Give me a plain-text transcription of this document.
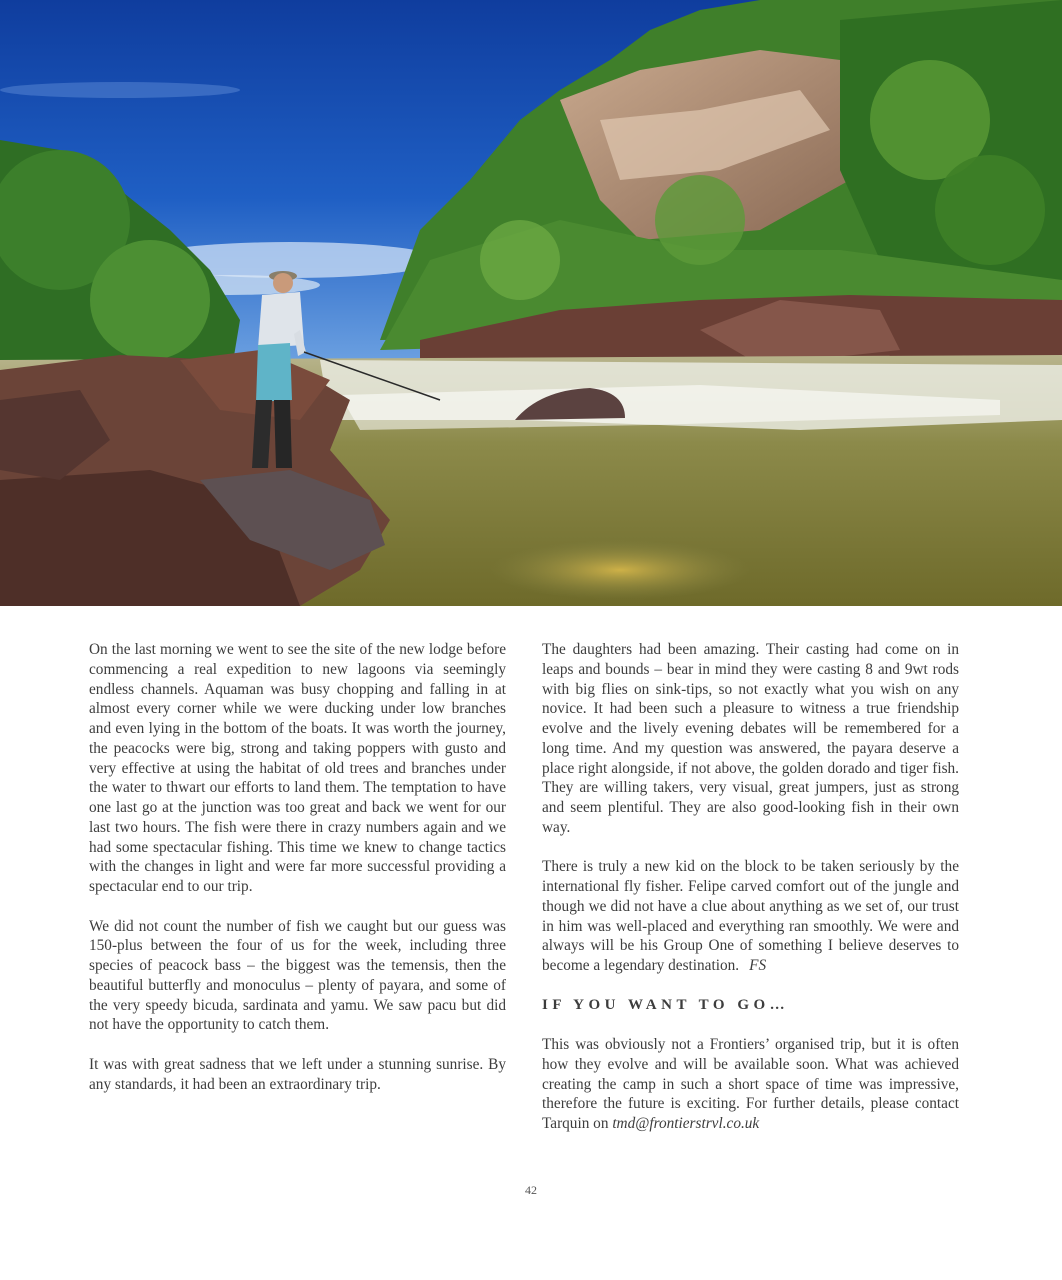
On the last morning we went to see the site of the new lodge before commencing a real expedition to new lagoons via seemingly endless channels. Aquaman was busy chopping and falling in at almost every corner while we were ducking under low branches and even lying in the bottom of the boats. It was worth the journey, the peacocks were big, strong and taking poppers with gusto and very effective at using the habitat of old trees and branches under the water to thwart our efforts to land them. The temptation to have one last go at the junction was too great and back we went for our last two hours. The fish were there in crazy numbers again and we had some spectacular fishing. This time we knew to change tactics with the changes in light and were far more successful providing a spectacular end to our trip.

We did not count the number of fish we caught but our guess was 150-plus between the four of us for the week, including three species of peacock bass – the biggest was the temensis, then the beautiful butterfly and monoculus – plenty of payara, and some of the very speedy bicuda, sardinata and yamu. We saw pacu but did not have the opportunity to catch them.

It was with great sadness that we left under a stunning sunrise. By any standards, it had been an extraordinary trip.

The daughters had been amazing. Their casting had come on in leaps and bounds – bear in mind they were casting 8 and 9wt rods with big flies on sink-tips, so not exactly what you wish on any novice. It had been such a pleasure to witness a true friendship evolve and the lively evening debates will be remembered for a long time. And my question was answered, the payara deserve a place right alongside, if not above, the golden dorado and tiger fish. They are willing takers, very visual, great jumpers, just as strong and seem plentiful. They are also good-looking fish in their own way.

There is truly a new kid on the block to be taken seriously by the international fly fisher. Felipe carved comfort out of the jungle and though we did not have a clue about anything as we set of, our trust in him was well-placed and everything ran smoothly. We were and always will be his Group One of something I believe deserves to become a legendary destination. FS

IF YOU WANT TO GO…

This was obviously not a Frontiers’ organised trip, but it is often how they evolve and will be available soon. What was achieved creating the camp in such a short space of time was impressive, therefore the future is exciting. For further details, please contact Tarquin on tmd@frontierstrvl.co.uk

42
